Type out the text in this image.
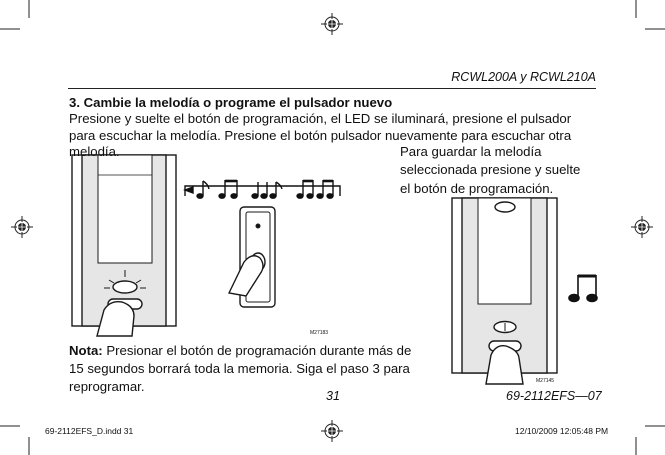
RCWL200A y RCWL210A
3. Cambie la melodía o programe el pulsador nuevo
Presione y suelte el botón de programación, el LED se iluminará, presione el pulsador
para escuchar la melodía. Presione el botón pulsador nuevamente para escuchar otra
melodía.	Para guardar la melodía
seleccionada presione y suelte
el botón de programación.
M27183
M27145
Nota: Presionar el botón de programación durante más de
15 segundos borrará toda la memoria. Siga el paso 3 para
reprogramar.
31	69-2112EFS—07
69-2112EFS_D.indd 31	12/10/2009 12:05:48 PM
